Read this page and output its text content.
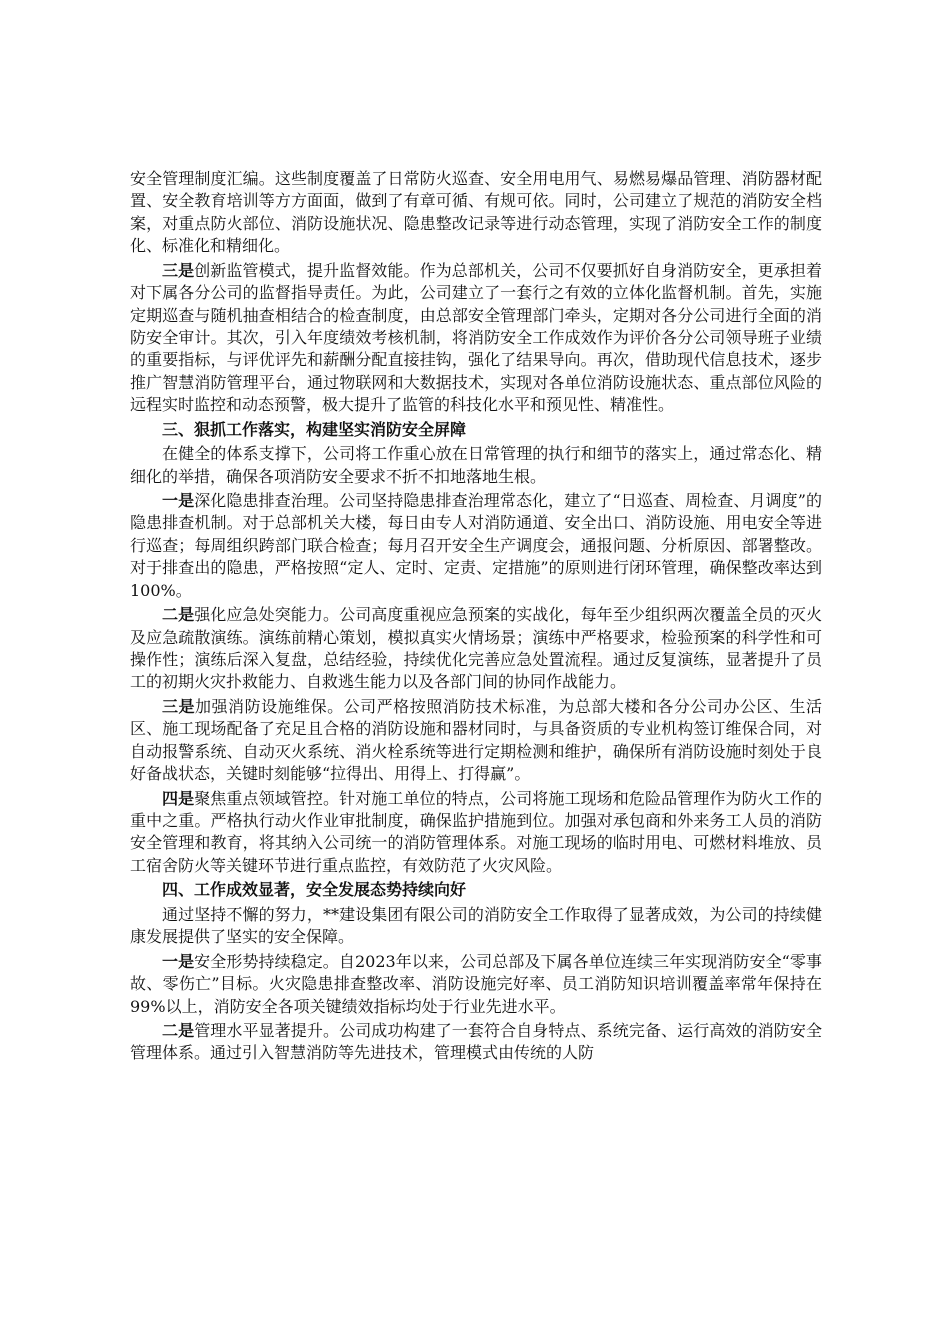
安全管理制度汇编。这些制度覆盖了日常防火巡查、安全用电用气、易燃易爆品管理、消防器材配置、安全教育培训等方方面面，做到了有章可循、有规可依。同时，公司建立了规范的消防安全档案，对重点防火部位、消防设施状况、隐患整改记录等进行动态管理，实现了消防安全工作的制度化、标准化和精细化。

三是创新监管模式，提升监督效能。作为总部机关，公司不仅要抓好自身消防安全，更承担着对下属各分公司的监督指导责任。为此，公司建立了一套行之有效的立体化监督机制。首先，实施定期巡查与随机抽查相结合的检查制度，由总部安全管理部门牵头，定期对各分公司进行全面的消防安全审计。其次，引入年度绩效考核机制，将消防安全工作成效作为评价各分公司领导班子业绩的重要指标，与评优评先和薪酬分配直接挂钩，强化了结果导向。再次，借助现代信息技术，逐步推广智慧消防管理平台，通过物联网和大数据技术，实现对各单位消防设施状态、重点部位风险的远程实时监控和动态预警，极大提升了监管的科技化水平和预见性、精准性。

三、狠抓工作落实，构建坚实消防安全屏障

在健全的体系支撑下，公司将工作重心放在日常管理的执行和细节的落实上，通过常态化、精细化的举措，确保各项消防安全要求不折不扣地落地生根。

一是深化隐患排查治理。公司坚持隐患排查治理常态化，建立了“日巡查、周检查、月调度”的隐患排查机制。对于总部机关大楼，每日由专人对消防通道、安全出口、消防设施、用电安全等进行巡查；每周组织跨部门联合检查；每月召开安全生产调度会，通报问题、分析原因、部署整改。对于排查出的隐患，严格按照“定人、定时、定责、定措施”的原则进行闭环管理，确保整改率达到100%。

二是强化应急处突能力。公司高度重视应急预案的实战化，每年至少组织两次覆盖全员的灭火及应急疏散演练。演练前精心策划，模拟真实火情场景；演练中严格要求，检验预案的科学性和可操作性；演练后深入复盘，总结经验，持续优化完善应急处置流程。通过反复演练，显著提升了员工的初期火灾扑救能力、自救逃生能力以及各部门间的协同作战能力。

三是加强消防设施维保。公司严格按照消防技术标准，为总部大楼和各分公司办公区、生活区、施工现场配备了充足且合格的消防设施和器材同时，与具备资质的专业机构签订维保合同，对自动报警系统、自动灭火系统、消火栓系统等进行定期检测和维护，确保所有消防设施时刻处于良好备战状态，关键时刻能够“拉得出、用得上、打得赢”。

四是聚焦重点领域管控。针对施工单位的特点，公司将施工现场和危险品管理作为防火工作的重中之重。严格执行动火作业审批制度，确保监护措施到位。加强对承包商和外来务工人员的消防安全管理和教育，将其纳入公司统一的消防管理体系。对施工现场的临时用电、可燃材料堆放、员工宿舍防火等关键环节进行重点监控，有效防范了火灾风险。

四、工作成效显著，安全发展态势持续向好

通过坚持不懈的努力，**建设集团有限公司的消防安全工作取得了显著成效，为公司的持续健康发展提供了坚实的安全保障。

一是安全形势持续稳定。自2023年以来，公司总部及下属各单位连续三年实现消防安全“零事故、零伤亡”目标。火灾隐患排查整改率、消防设施完好率、员工消防知识培训覆盖率常年保持在99%以上，消防安全各项关键绩效指标均处于行业先进水平。

二是管理水平显著提升。公司成功构建了一套符合自身特点、系统完备、运行高效的消防安全管理体系。通过引入智慧消防等先进技术，管理模式由传统的人防
